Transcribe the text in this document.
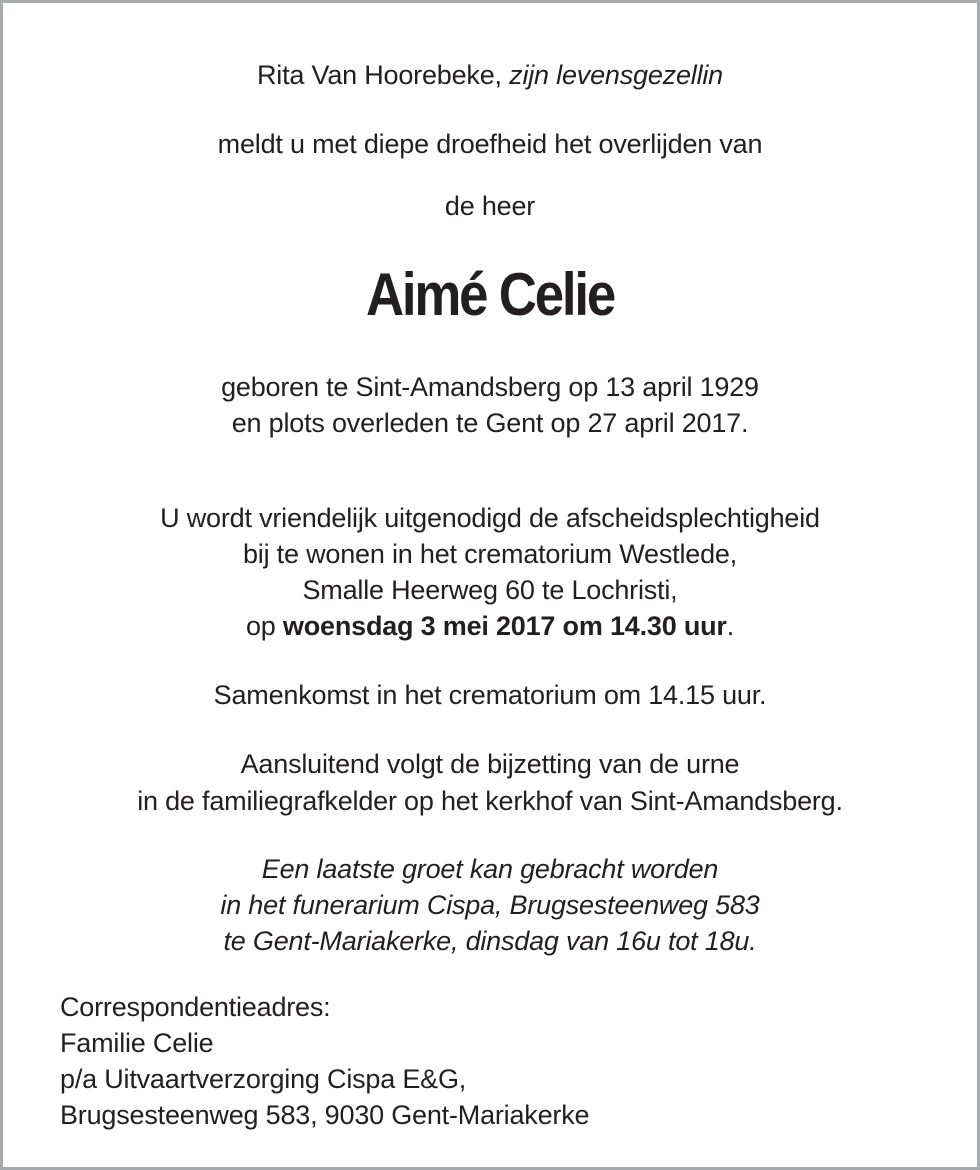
Rita Van Hoorebeke, zijn levensgezellin
meldt u met diepe droefheid het overlijden van
de heer
Aimé Celie
geboren te Sint-Amandsberg op 13 april 1929
en plots overleden te Gent op 27 april 2017.
U wordt vriendelijk uitgenodigd de afscheidsplechtigheid
bij te wonen in het crematorium Westlede,
Smalle Heerweg 60 te Lochristi,
op woensdag 3 mei 2017 om 14.30 uur.
Samenkomst in het crematorium om 14.15 uur.
Aansluitend volgt de bijzetting van de urne
in de familiegrafkelder op het kerkhof van Sint-Amandsberg.
Een laatste groet kan gebracht worden
in het funerarium Cispa, Brugsesteenweg 583
te Gent-Mariakerke, dinsdag van 16u tot 18u.
Correspondentieadres:
Familie Celie
p/a Uitvaartverzorging Cispa E&G,
Brugsesteenweg 583, 9030 Gent-Mariakerke
